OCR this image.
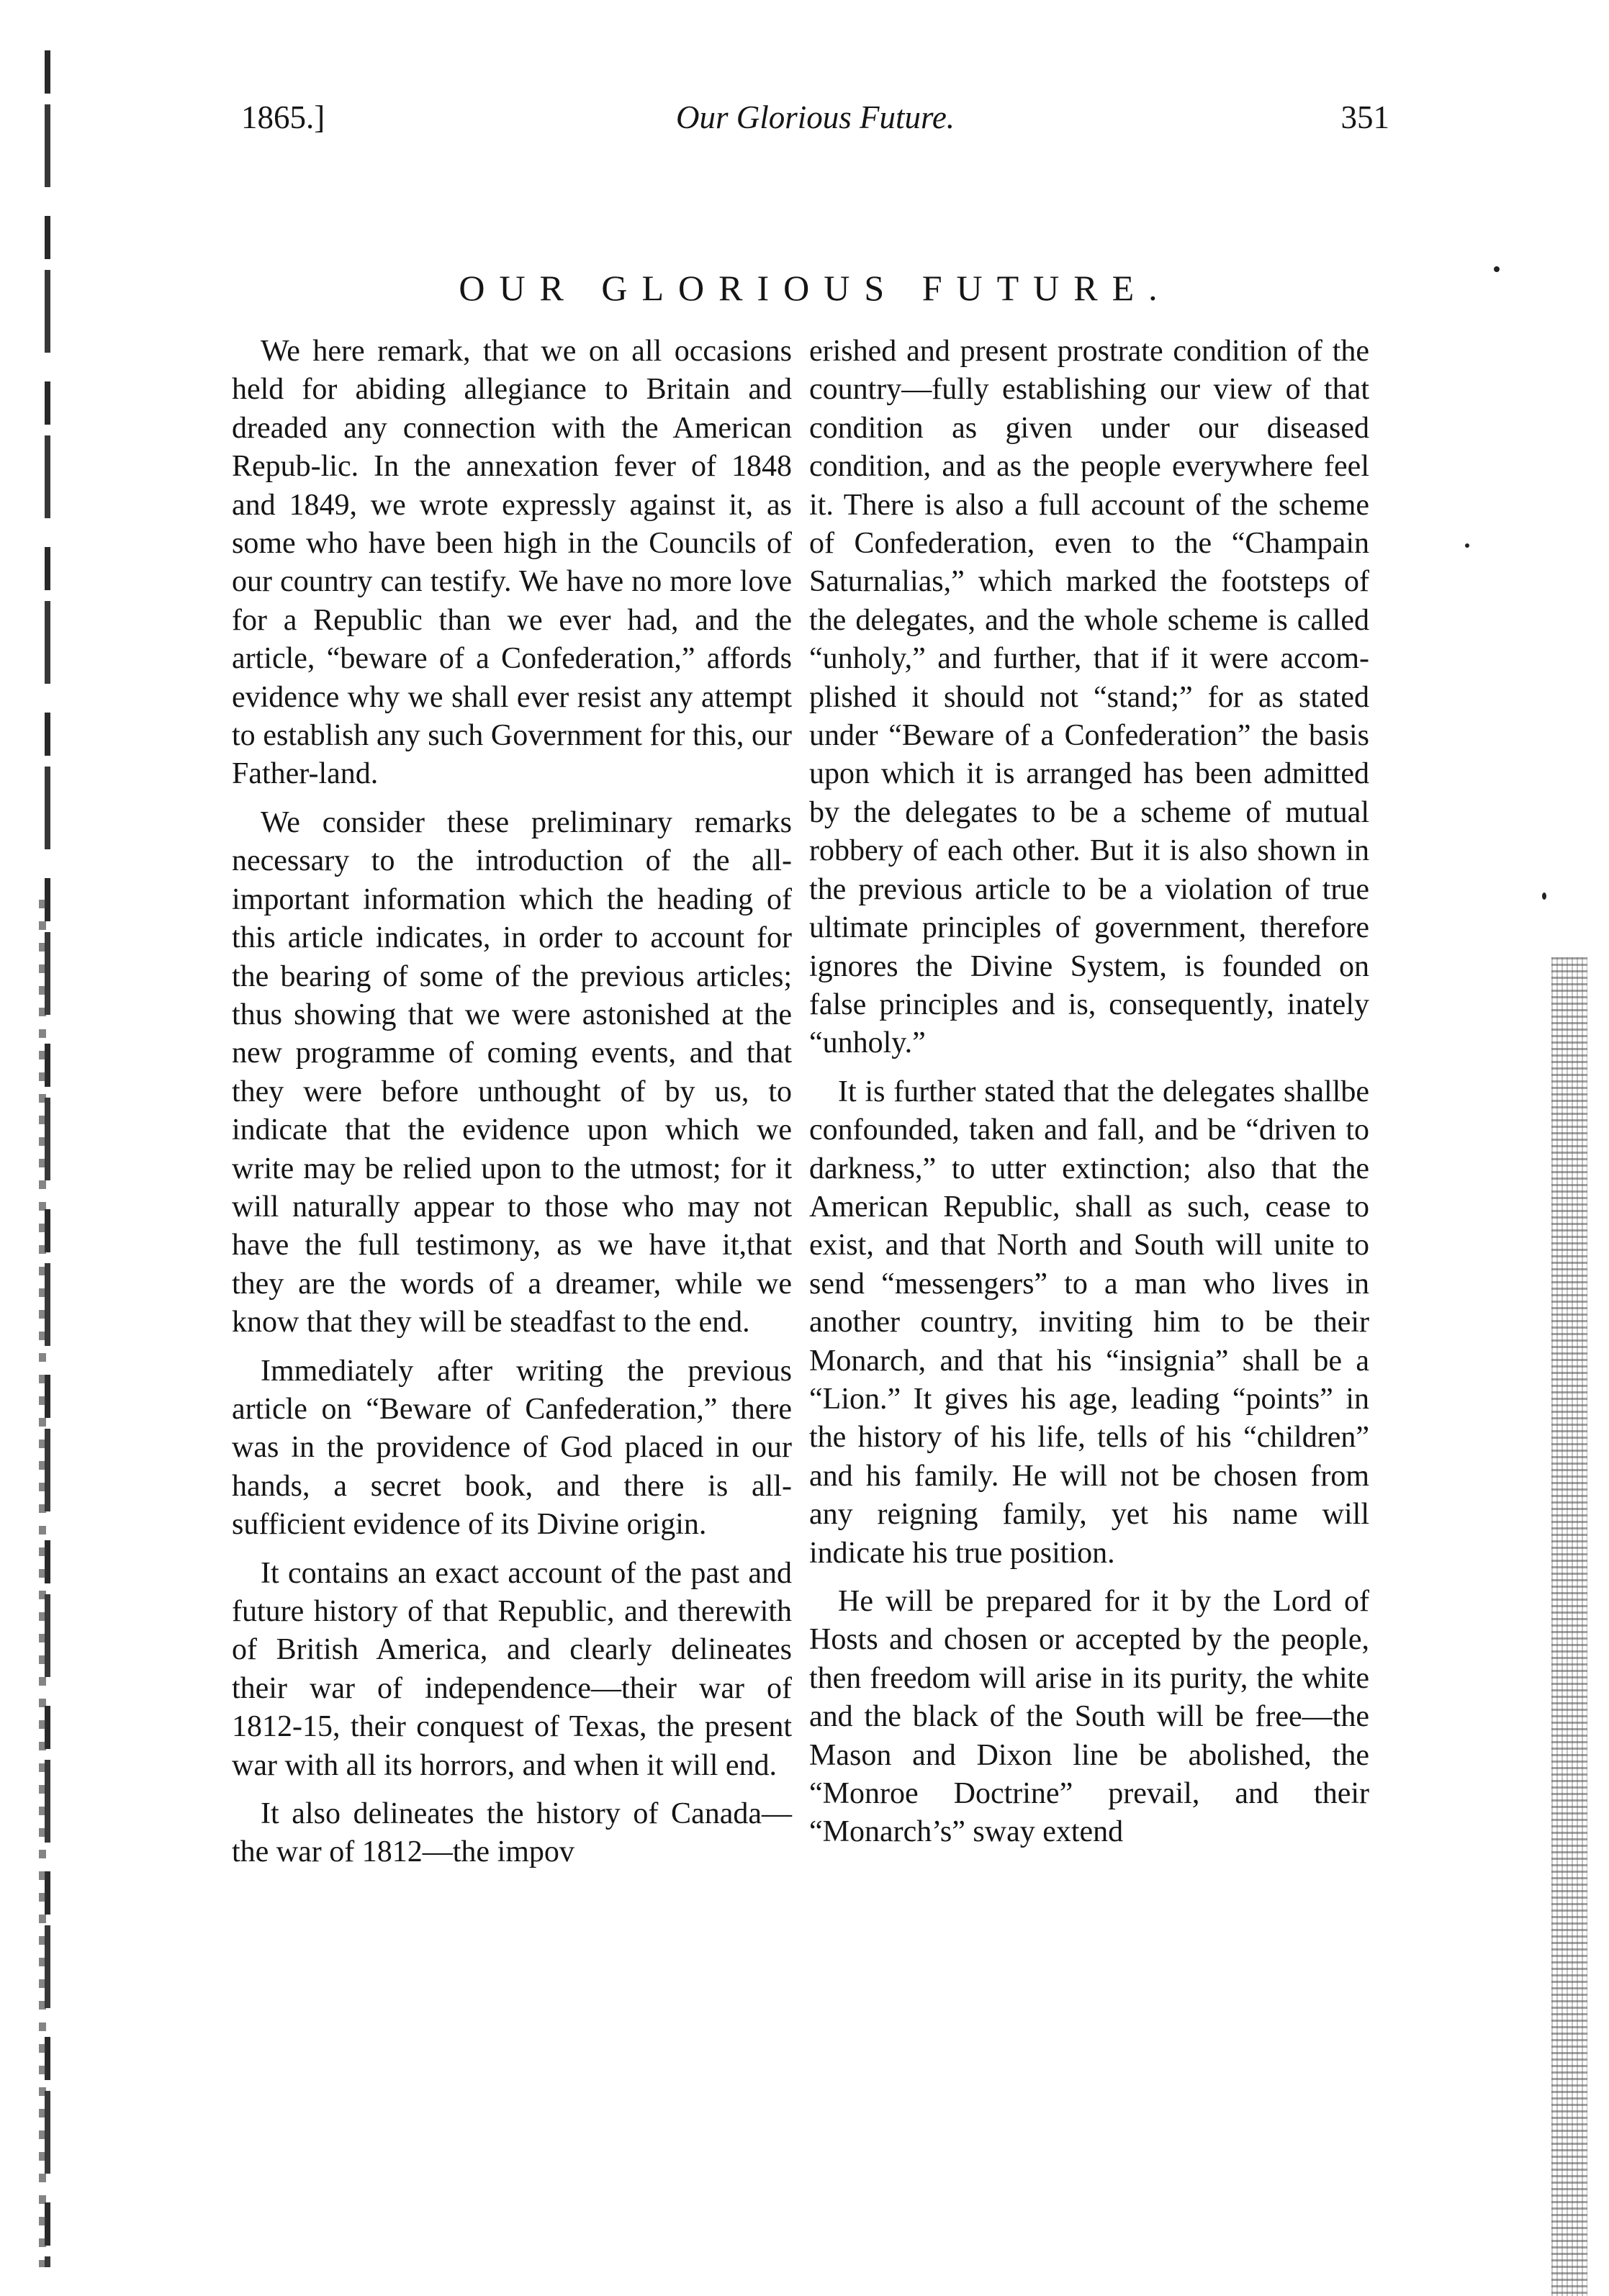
1865.]	Our Glorious Future.	351
OUR GLORIOUS FUTURE.

We here remark, that we on all occasions held for abiding allegiance to Britain and dreaded any connection with the American Repub-lic. In the annexation fever of 1848 and 1849, we wrote expressly against it, as some who have been high in the Councils of our country can testify. We have no more love for a Republic than we ever had, and the article, “beware of a Confederation,” affords evidence why we shall ever resist any attempt to establish any such Government for this, our Father-land.

We consider these preliminary remarks necessary to the introduction of the all-important information which the heading of this article indicates, in order to account for the bearing of some of the previous articles; thus showing that we were astonished at the new programme of coming events, and that they were before unthought of by us, to indicate that the evidence upon which we write may be relied upon to the utmost; for it will naturally appear to those who may not have the full testimony, as we have it,that they are the words of a dreamer, while we know that they will be steadfast to the end.

Immediately after writing the previous article on “Beware of Canfederation,” there was in the providence of God placed in our hands, a secret book, and there is all-sufficient evidence of its Divine origin.

It contains an exact account of the past and future history of that Republic, and therewith of British America, and clearly delineates their war of independence—their war of 1812-15, their conquest of Texas, the present war with all its horrors, and when it will end.

It also delineates the history of Canada—the war of 1812—the impov

erished and present prostrate condition of the country—fully establishing our view of that condition as given under our diseased condition, and as the people everywhere feel it. There is also a full account of the scheme of Confederation, even to the “Champain Saturnalias,” which marked the footsteps of the delegates, and the whole scheme is called “unholy,” and further, that if it were accomplished it should not “stand;” for as stated under “Beware of a Confederation” the basis upon which it is arranged has been admitted by the delegates to be a scheme of mutual robbery of each other. But it is also shown in the previous article to be a violation of true ultimate principles of government, therefore ignores the Divine System, is founded on false principles and is, consequently, inately “unholy.”

It is further stated that the delegates shallbe confounded, taken and fall, and be “driven to darkness,” to utter extinction; also that the American Republic, shall as such, cease to exist, and that North and South will unite to send “messengers” to a man who lives in another country, inviting him to be their Monarch, and that his “insignia” shall be a “Lion.” It gives his age, leading “points” in the history of his life, tells of his “children” and his family. He will not be chosen from any reigning family, yet his name will indicate his true position.

He will be prepared for it by the Lord of Hosts and chosen or accepted by the people, then freedom will arise in its purity, the white and the black of the South will be free—the Mason and Dixon line be abolished, the “Monroe Doctrine” prevail, and their “Monarch’s” sway extend
